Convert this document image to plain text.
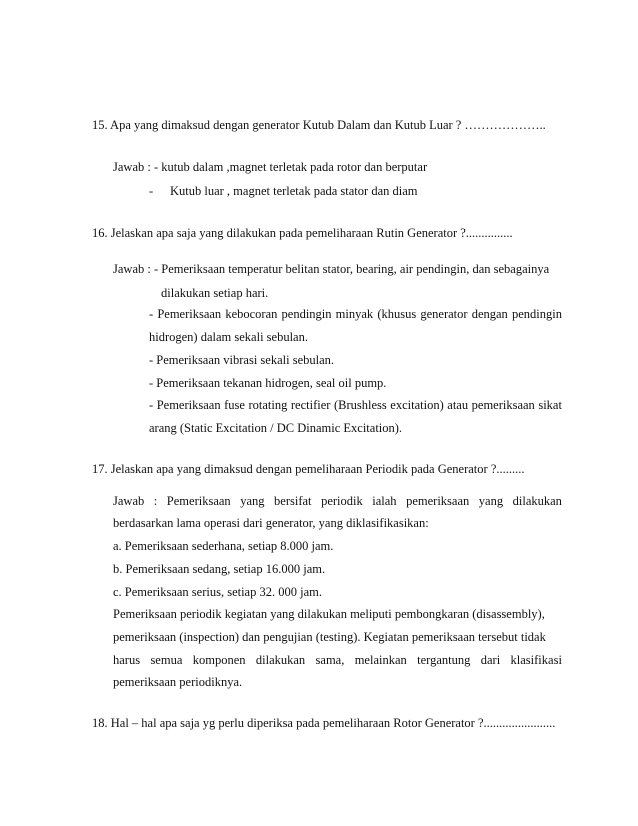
15. Apa yang dimaksud dengan generator Kutub Dalam dan Kutub Luar ? ………………..
Jawab : - kutub dalam ,magnet terletak pada rotor dan berputar
- Kutub luar , magnet terletak pada stator dan diam
16. Jelaskan apa saja yang dilakukan pada pemeliharaan Rutin Generator ?...............
Jawab : - Pemeriksaan temperatur belitan stator, bearing, air pendingin, dan sebagainya
dilakukan setiap hari.
- Pemeriksaan kebocoran pendingin minyak (khusus generator dengan pendingin
hidrogen) dalam sekali sebulan.
- Pemeriksaan vibrasi sekali sebulan.
- Pemeriksaan tekanan hidrogen, seal oil pump.
- Pemeriksaan fuse rotating rectifier (Brushless excitation) atau pemeriksaan sikat
arang (Static Excitation / DC Dinamic Excitation).
17. Jelaskan apa yang dimaksud dengan pemeliharaan Periodik pada Generator ?.........
Jawab : Pemeriksaan yang bersifat periodik ialah pemeriksaan yang dilakukan
berdasarkan lama operasi dari generator, yang diklasifikasikan:
a. Pemeriksaan sederhana, setiap 8.000 jam.
b. Pemeriksaan sedang, setiap 16.000 jam.
c. Pemeriksaan serius, setiap 32. 000 jam.
Pemeriksaan periodik kegiatan yang dilakukan meliputi pembongkaran (disassembly),
pemeriksaan (inspection) dan pengujian (testing). Kegiatan pemeriksaan tersebut tidak
harus semua komponen dilakukan sama, melainkan tergantung dari klasifikasi
pemeriksaan periodiknya.
18. Hal – hal apa saja yg perlu diperiksa pada pemeliharaan Rotor Generator ?.......................
